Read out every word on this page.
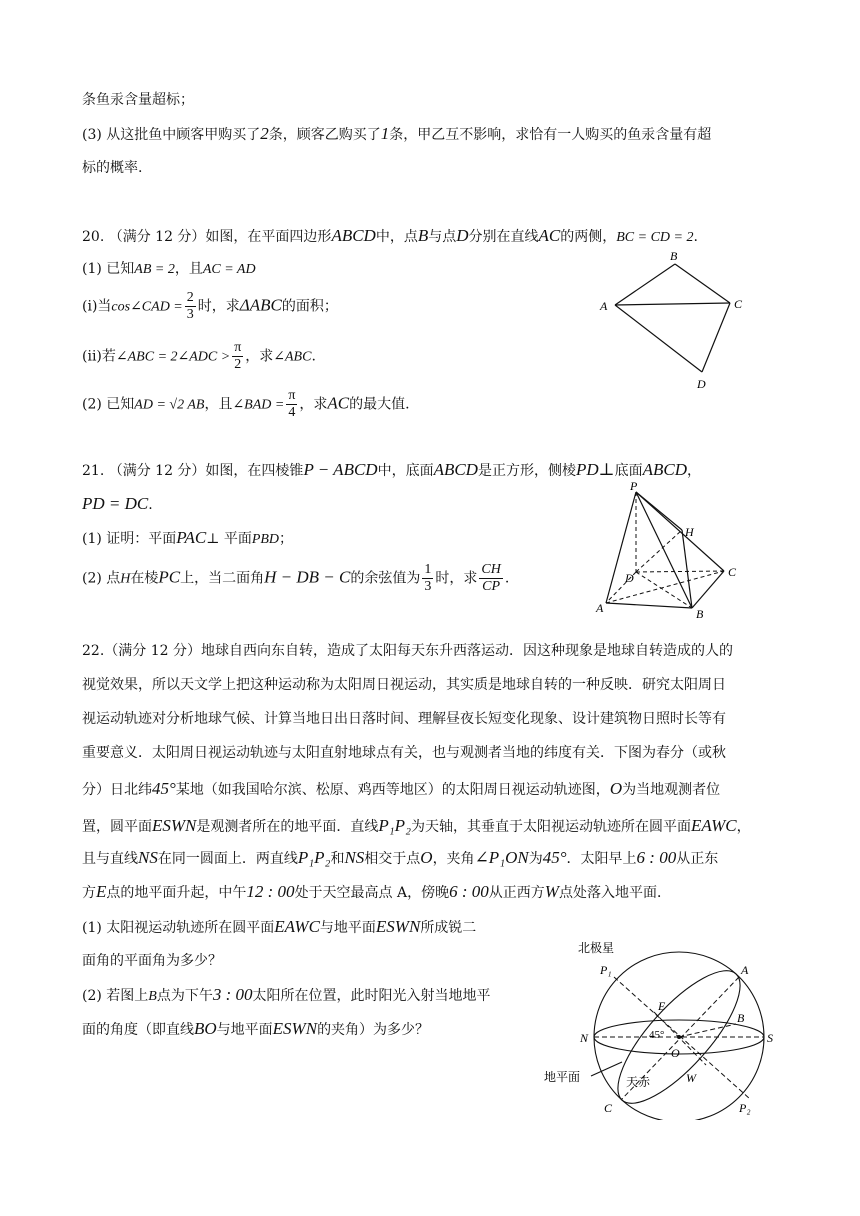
条鱼汞含量超标；
(3) 从这批鱼中顾客甲购买了2条，顾客乙购买了1条，甲乙互不影响，求恰有一人购买的鱼汞含量有超
标的概率.
20. （满分 12 分）如图，在平面四边形ABCD中，点B与点D分别在直线AC的两侧，BC = CD = 2.
(1) 已知AB = 2，且AC = AD
(i)当cos∠CAD = $\frac{2}{3}$ 时，求ΔABC的面积；
(ii)若∠ABC = 2∠ADC > $\frac{\pi}{2}$ ，求∠ABC.
(2) 已知AD = √2 AB，且∠BAD = $\frac{\pi}{4}$ ，求AC的最大值.
B
A	C
D
21. （满分 12 分）如图，在四棱锥P − ABCD中，底面ABCD是正方形，侧棱PD⊥底面ABCD，
PD = DC.
(1) 证明：平面PAC⊥ 平面PBD；
(2) 点H在棱PC上，当二面角H − DB − C的余弦值为 $\frac{1}{3}$ 时，求 $\frac{CH}{CP}$ .
P
H
D	C
A	B
22.（满分 12 分）地球自西向东自转，造成了太阳每天东升西落运动．因这种现象是地球自转造成的人的
视觉效果，所以天文学上把这种运动称为太阳周日视运动，其实质是地球自转的一种反映．研究太阳周日
视运动轨迹对分析地球气候、计算当地日出日落时间、理解昼夜长短变化现象、设计建筑物日照时长等有
重要意义．太阳周日视运动轨迹与太阳直射地球点有关，也与观测者当地的纬度有关．下图为春分（或秋
分）日北纬45°某地（如我国哈尔滨、松原、鸡西等地区）的太阳周日视运动轨迹图，O为当地观测者位
置，圆平面ESWN是观测者所在的地平面．直线P₁P₂为天轴，其垂直于太阳视运动轨迹所在圆平面EAWC，
且与直线NS在同一圆面上．两直线P₁P₂和NS相交于点O，夹角∠P₁ON为45°．太阳早上6 : 00从正东
方E点的地平面升起，中午12 : 00处于天空最高点 A，傍晚6 : 00从正西方W点处落入地平面．
(1) 太阳视运动轨迹所在圆平面EAWC与地平面ESWN所成锐二
面角的平面角为多少？
(2) 若图上B点为下午3 : 00太阳所在位置，此时阳光入射当地地平
面的角度（即直线BO与地平面ESWN的夹角）为多少？
北极星
地平面	天赤
P₁	A
E
B
N	S
45°
O
W
C	P₂
